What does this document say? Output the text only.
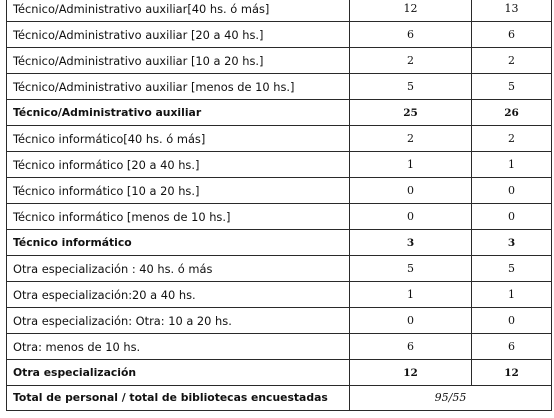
Técnico/Administrativo auxiliar[40 hs. ó más]	12	13
Técnico/Administrativo auxiliar [20 a 40 hs.]	6	6
Técnico/Administrativo auxiliar [10 a 20 hs.]	2	2
Técnico/Administrativo auxiliar [menos de 10 hs.]	5	5
Técnico/Administrativo auxiliar	25	26
Técnico informático[40 hs. ó más]	2	2
Técnico informático [20 a 40 hs.]	1	1
Técnico informático [10 a 20 hs.]	0	0
Técnico informático [menos de 10 hs.]	0	0
Técnico informático	3	3
Otra especialización : 40 hs. ó más	5	5
Otra especialización:20 a 40 hs.	1	1
Otra especialización: Otra: 10 a 20 hs.	0	0
Otra: menos de 10 hs.	6	6
Otra especialización	12	12
Total de personal / total de bibliotecas encuestadas	95/55	
